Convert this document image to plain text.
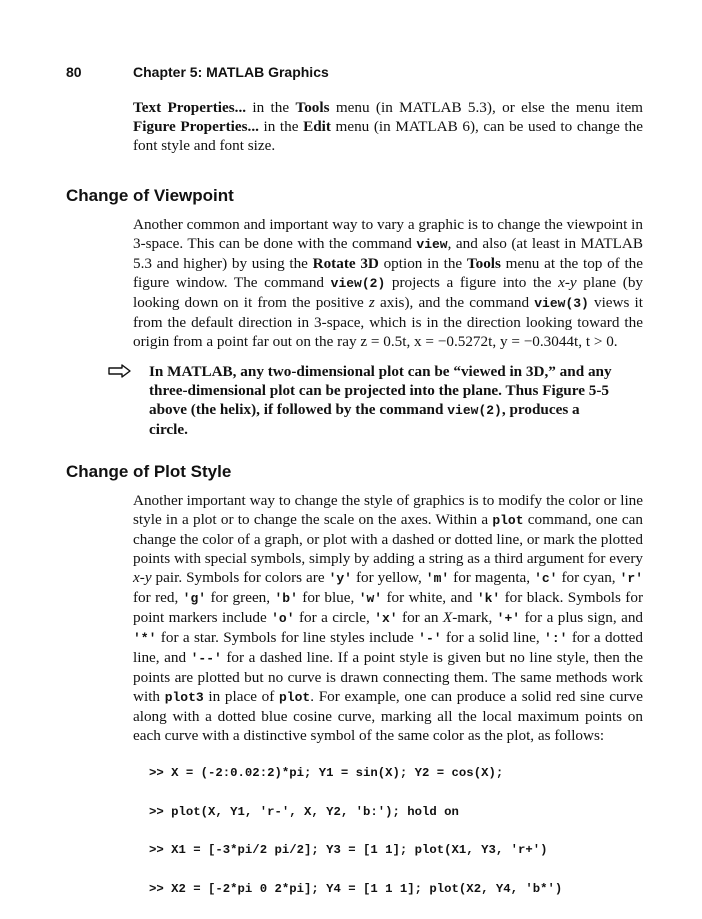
80	Chapter 5: MATLAB Graphics

Text Properties... in the Tools menu (in MATLAB 5.3), or else the menu item Figure Properties... in the Edit menu (in MATLAB 6), can be used to change the font style and font size.

Change of Viewpoint

Another common and important way to vary a graphic is to change the viewpoint in 3-space. This can be done with the command view, and also (at least in MATLAB 5.3 and higher) by using the Rotate 3D option in the Tools menu at the top of the figure window. The command view(2) projects a figure into the x-y plane (by looking down on it from the positive z axis), and the command view(3) views it from the default direction in 3-space, which is in the direction looking toward the origin from a point far out on the ray z = 0.5t, x = −0.5272t, y = −0.3044t, t > 0.

In MATLAB, any two-dimensional plot can be “viewed in 3D,” and any three-dimensional plot can be projected into the plane. Thus Figure 5-5 above (the helix), if followed by the command view(2), produces a circle.

Change of Plot Style

Another important way to change the style of graphics is to modify the color or line style in a plot or to change the scale on the axes. Within a plot command, one can change the color of a graph, or plot with a dashed or dotted line, or mark the plotted points with special symbols, simply by adding a string as a third argument for every x-y pair. Symbols for colors are 'y' for yellow, 'm' for magenta, 'c' for cyan, 'r' for red, 'g' for green, 'b' for blue, 'w' for white, and 'k' for black. Symbols for point markers include 'o' for a circle, 'x' for an X-mark, '+' for a plus sign, and '*' for a star. Symbols for line styles include '-' for a solid line, ':' for a dotted line, and '--' for a dashed line. If a point style is given but no line style, then the points are plotted but no curve is drawn connecting them. The same methods work with plot3 in place of plot. For example, one can produce a solid red sine curve along with a dotted blue cosine curve, marking all the local maximum points on each curve with a distinctive symbol of the same color as the plot, as follows:

>> X = (-2:0.02:2)*pi; Y1 = sin(X); Y2 = cos(X);

>> plot(X, Y1, 'r-', X, Y2, 'b:'); hold on

>> X1 = [-3*pi/2 pi/2]; Y3 = [1 1]; plot(X1, Y3, 'r+')

>> X2 = [-2*pi 0 2*pi]; Y4 = [1 1 1]; plot(X2, Y4, 'b*')
